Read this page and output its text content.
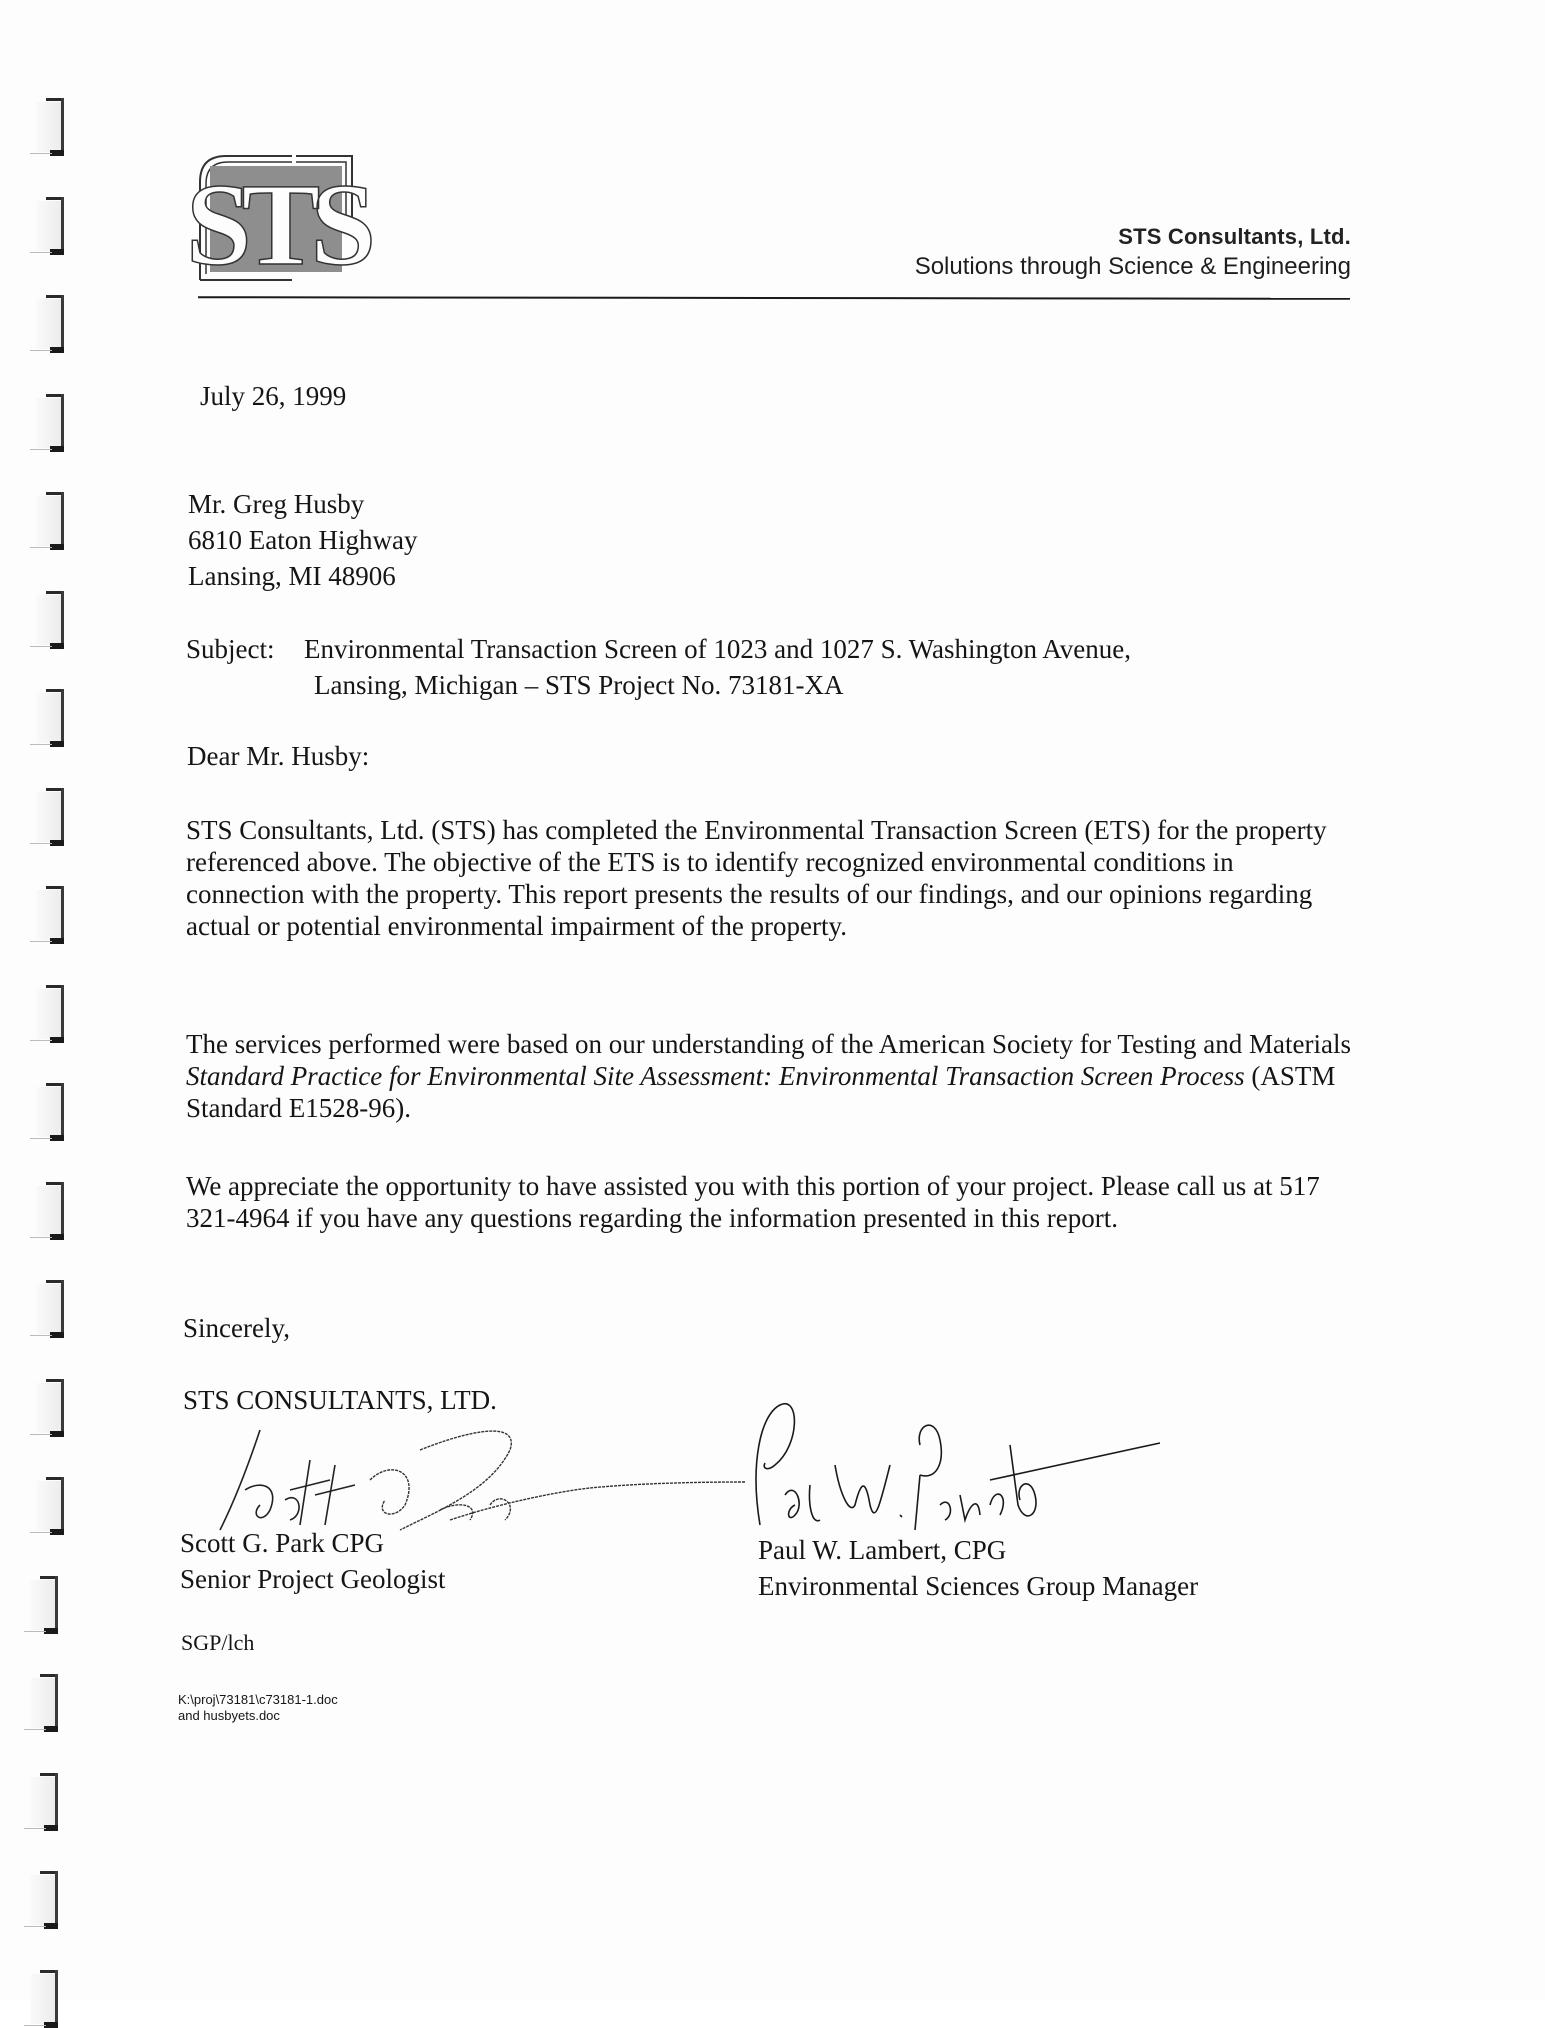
STS	STS Consultants, Ltd.
Solutions through Science & Engineering
July 26, 1999
Mr. Greg Husby
6810 Eaton Highway
Lansing, MI 48906
Subject: Environmental Transaction Screen of 1023 and 1027 S. Washington Avenue,
Lansing, Michigan – STS Project No. 73181-XA
Dear Mr. Husby:
STS Consultants, Ltd. (STS) has completed the Environmental Transaction Screen (ETS) for the property referenced above. The objective of the ETS is to identify recognized environmental conditions in connection with the property. This report presents the results of our findings, and our opinions regarding actual or potential environmental impairment of the property.
The services performed were based on our understanding of the American Society for Testing and Materials Standard Practice for Environmental Site Assessment: Environmental Transaction Screen Process (ASTM Standard E1528-96).
We appreciate the opportunity to have assisted you with this portion of your project. Please call us at 517 321-4964 if you have any questions regarding the information presented in this report.
Sincerely,
STS CONSULTANTS, LTD.
Scott G. Park CPG
Senior Project Geologist
Paul W. Lambert, CPG
Environmental Sciences Group Manager
SGP/lch
K:\proj\73181\c73181-1.doc
and husbyets.doc
